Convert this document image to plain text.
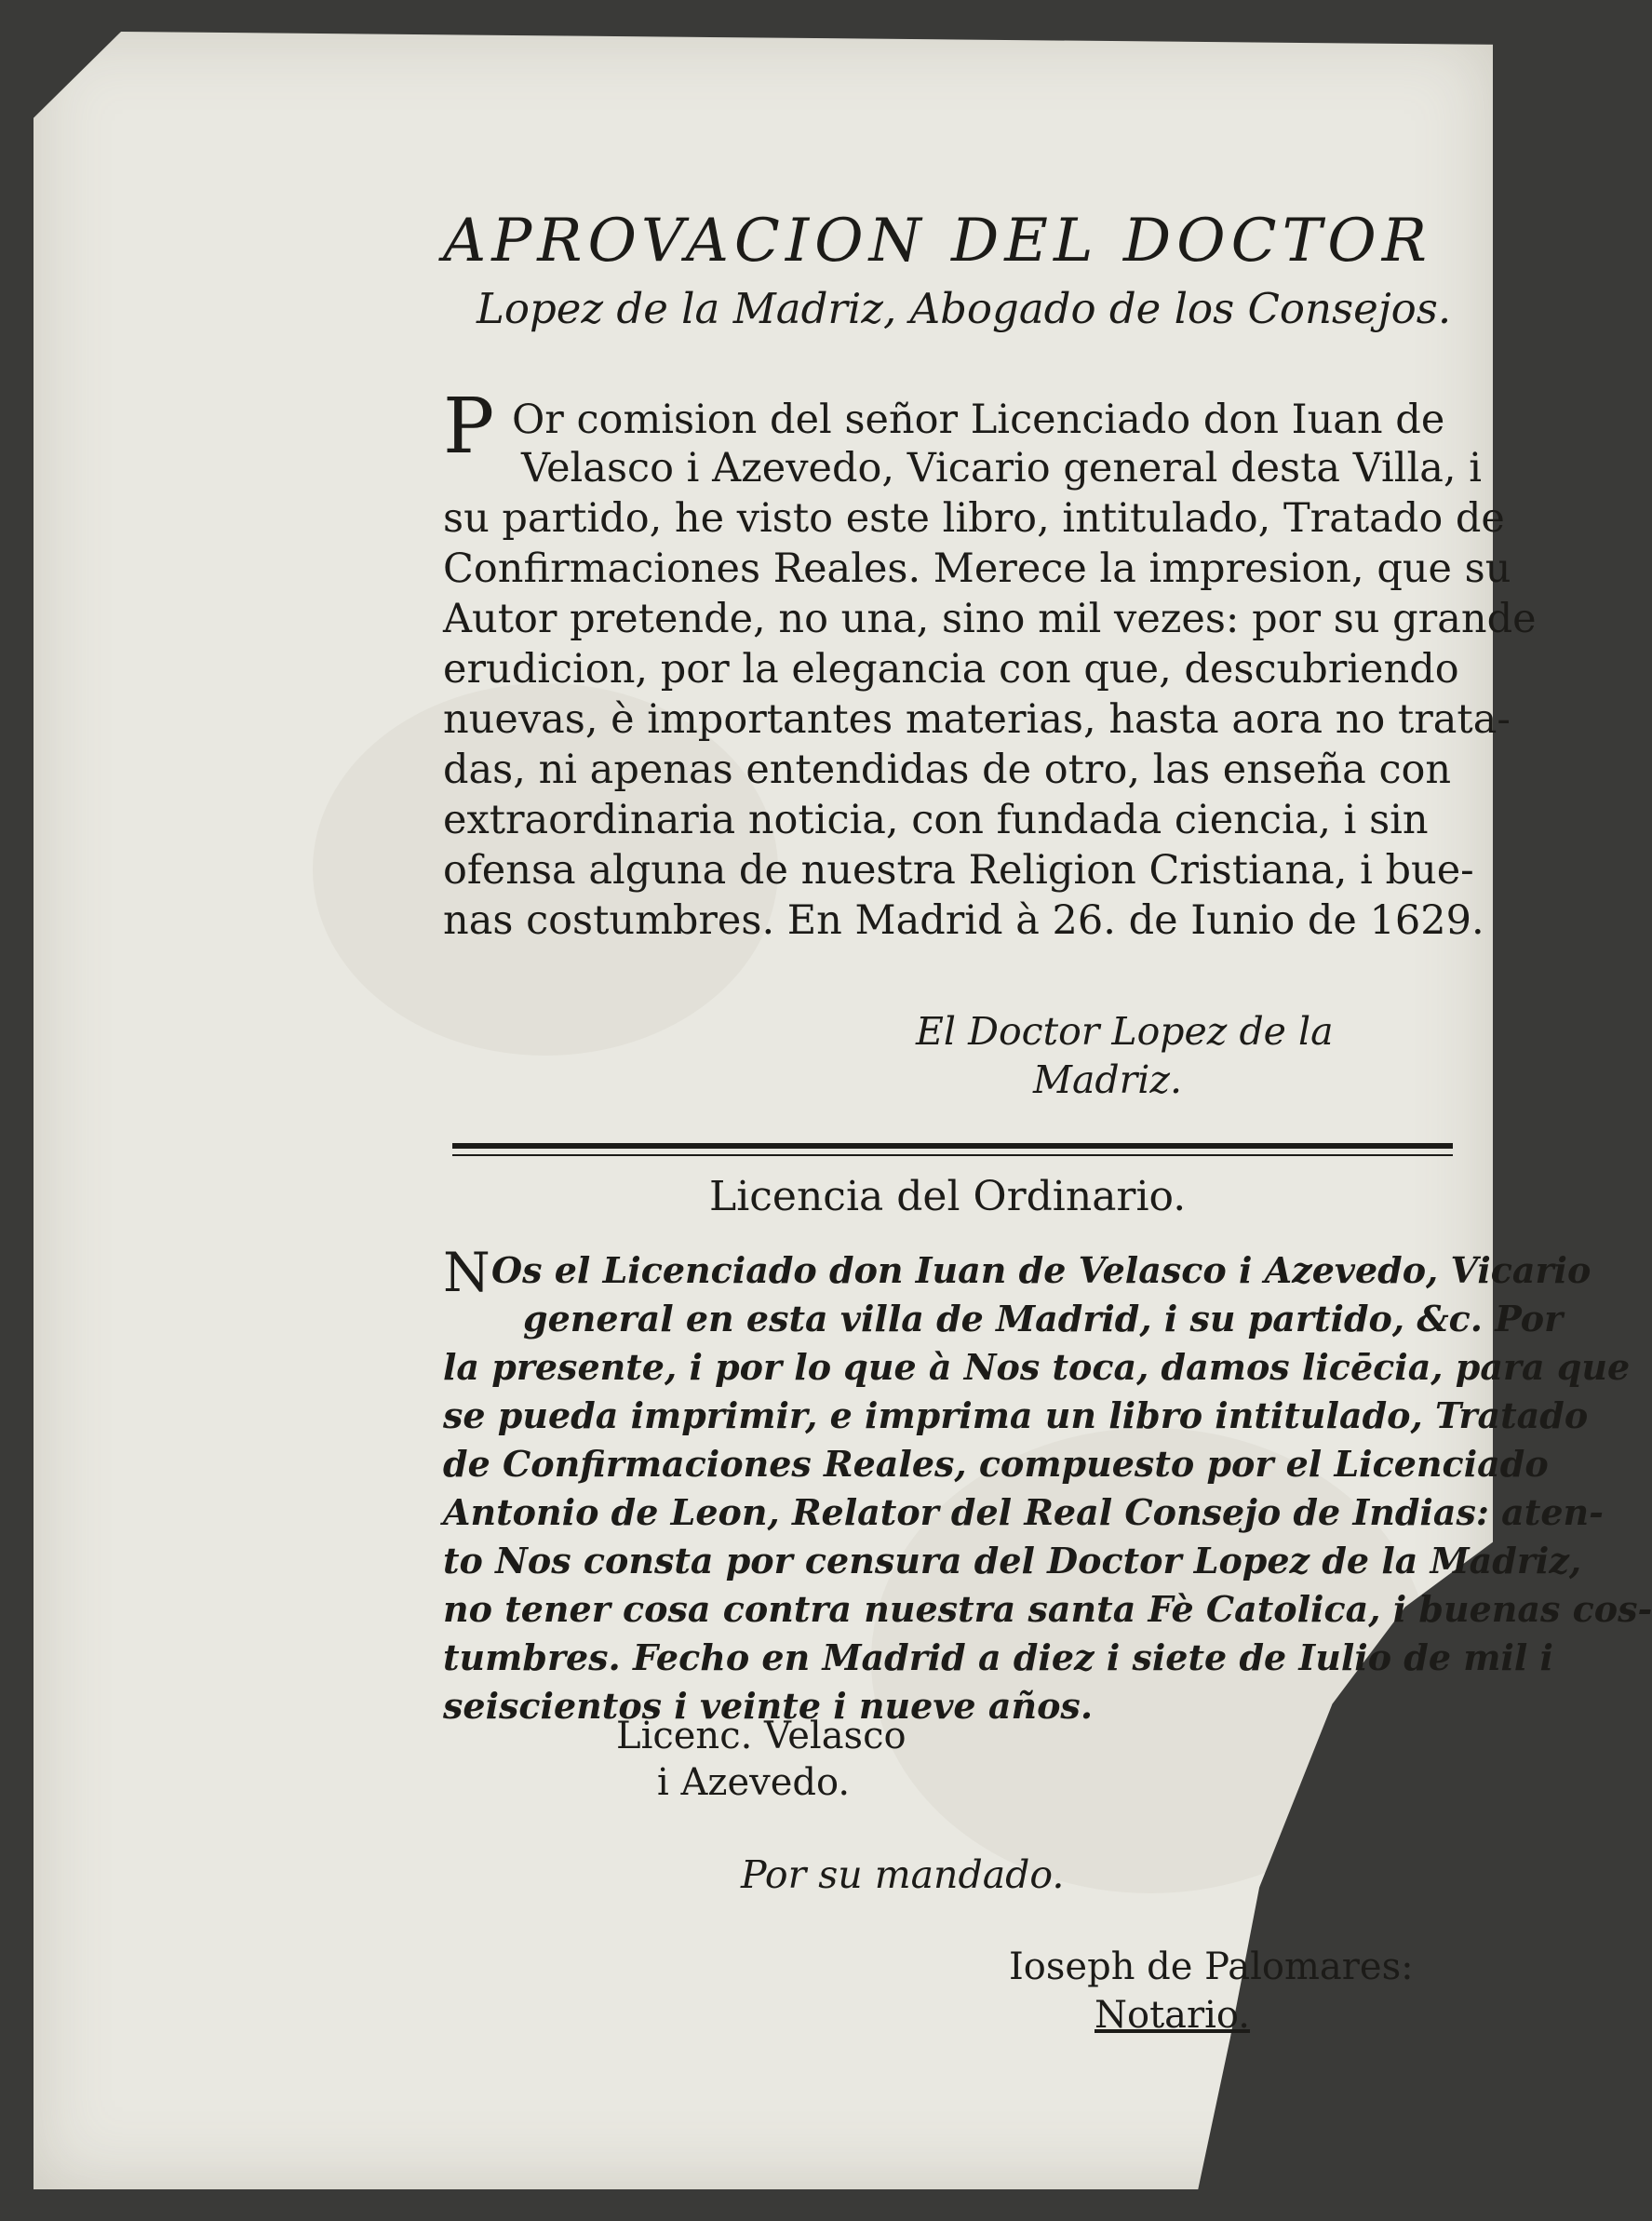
APROVACION DEL DOCTOR
Lopez de la Madriz, Abogado de los Consejos.
P Or comision del señor Licenciado don Iuan de
Velasco i Azevedo, Vicario general desta Villa, i
su partido, he visto este libro, intitulado, Tratado de
Confirmaciones Reales. Merece la impresion, que su
Autor pretende, no una, sino mil vezes: por su grande
erudicion, por la elegancia con que, descubriendo
nuevas, è importantes materias, hasta aora no trata-
das, ni apenas entendidas de otro, las enseña con
extraordinaria noticia, con fundada ciencia, i sin
ofensa alguna de nuestra Religion Cristiana, i bue-
nas costumbres. En Madrid à 26. de Iunio de 1629.
El Doctor Lopez de la
Madriz.
Licencia del Ordinario.
N Os el Licenciado don Iuan de Velasco i Azevedo, Vicario
general en esta villa de Madrid, i su partido, &c. Por
la presente, i por lo que à Nos toca, damos licēcia, para que
se pueda imprimir, e imprima un libro intitulado, Tratado
de Confirmaciones Reales, compuesto por el Licenciado
Antonio de Leon, Relator del Real Consejo de Indias: aten-
to Nos consta por censura del Doctor Lopez de la Madriz,
no tener cosa contra nuestra santa Fè Catolica, i buenas cos-
tumbres. Fecho en Madrid a diez i siete de Iulio de mil i
seiscientos i veinte i nueve años.
Licenc. Velasco
i Azevedo.
Por su mandado.
Ioseph de Palomares:
Notario.
